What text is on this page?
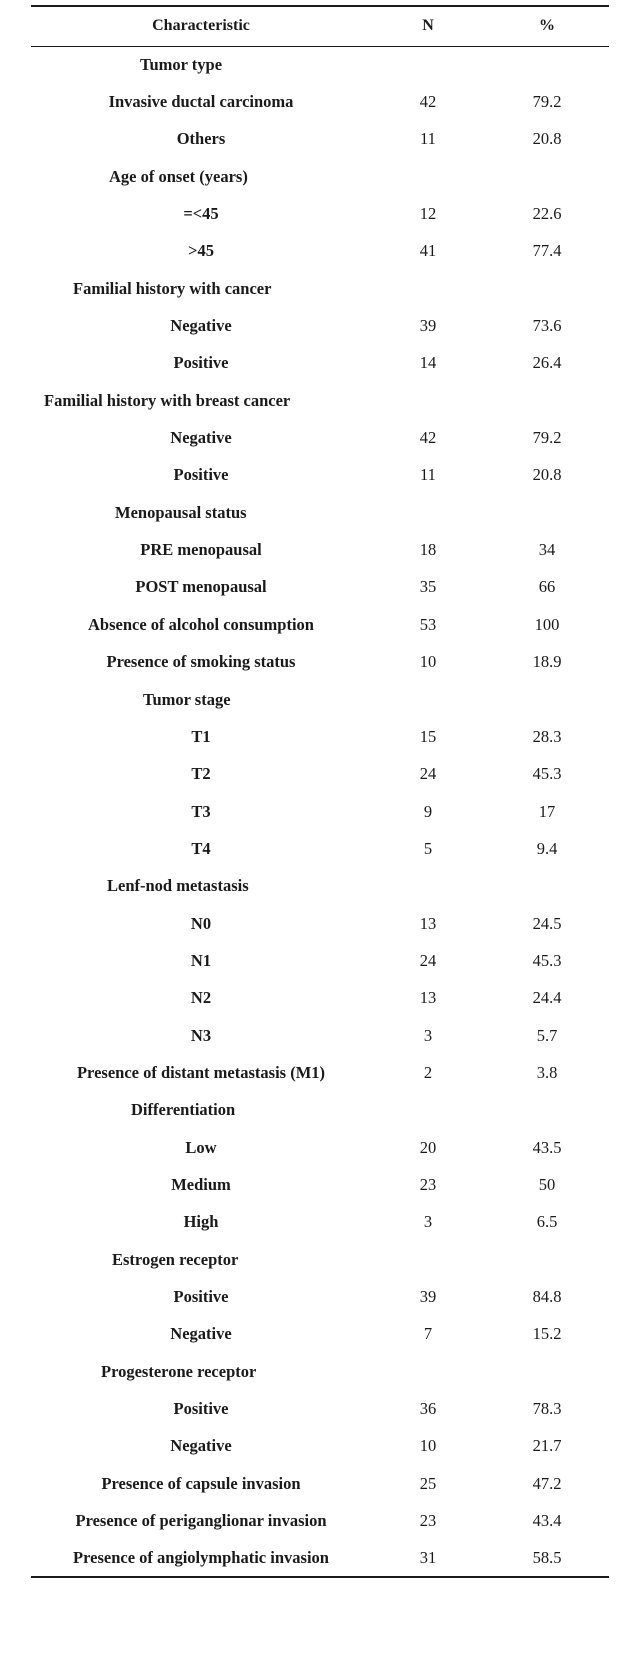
Characteristic	N	%
Tumor type		
Invasive ductal carcinoma	42	79.2
Others	11	20.8
Age of onset (years)		
=<45	12	22.6
>45	41	77.4
Familial history with cancer		
Negative	39	73.6
Positive	14	26.4
Familial history with breast cancer		
Negative	42	79.2
Positive	11	20.8
Menopausal status		
PRE menopausal	18	34
POST menopausal	35	66
Absence of alcohol consumption	53	100
Presence of smoking status	10	18.9
Tumor stage		
T1	15	28.3
T2	24	45.3
T3	9	17
T4	5	9.4
Lenf-nod metastasis		
N0	13	24.5
N1	24	45.3
N2	13	24.4
N3	3	5.7
Presence of distant metastasis (M1)	2	3.8
Differentiation		
Low	20	43.5
Medium	23	50
High	3	6.5
Estrogen receptor		
Positive	39	84.8
Negative	7	15.2
Progesterone receptor		
Positive	36	78.3
Negative	10	21.7
Presence of capsule invasion	25	47.2
Presence of periganglionar invasion	23	43.4
Presence of angiolymphatic invasion	31	58.5
